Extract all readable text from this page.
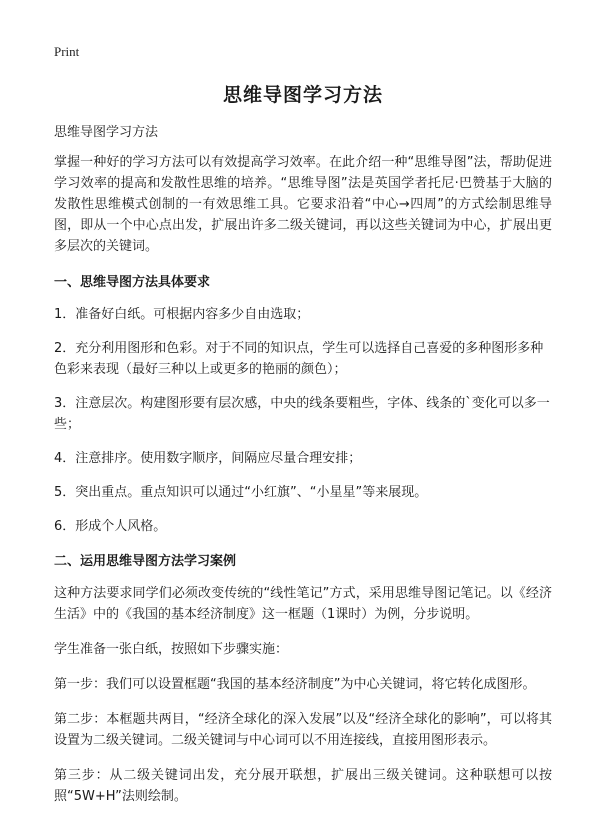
Print
思维导图学习方法
思维导图学习方法

掌握一种好的学习方法可以有效提高学习效率。在此介绍一种“思维导图”法，帮助促进学习效率的提高和发散性思维的培养。“思维导图”法是英国学者托尼·巴赞基于大脑的发散性思维模式创制的一有效思维工具。它要求沿着“中心→四周”的方式绘制思维导图，即从一个中心点出发，扩展出许多二级关键词，再以这些关键词为中心，扩展出更多层次的关键词。

一、思维导图方法具体要求
1．准备好白纸。可根据内容多少自由选取；
2．充分利用图形和色彩。对于不同的知识点，学生可以选择自己喜爱的多种图形多种色彩来表现（最好三种以上或更多的艳丽的颜色）；
3．注意层次。构建图形要有层次感，中央的线条要粗些，字体、线条的`变化可以多一些；
4．注意排序。使用数字顺序，间隔应尽量合理安排；
5．突出重点。重点知识可以通过“小红旗”、“小星星”等来展现。
6．形成个人风格。
二、运用思维导图方法学习案例

这种方法要求同学们必须改变传统的“线性笔记”方式，采用思维导图记笔记。以《经济生活》中的《我国的基本经济制度》这一框题（1课时）为例，分步说明。

学生准备一张白纸，按照如下步骤实施：

第一步：我们可以设置框题“我国的基本经济制度”为中心关键词，将它转化成图形。

第二步：本框题共两目，“经济全球化的深入发展”以及“经济全球化的影响”，可以将其设置为二级关键词。二级关键词与中心词可以不用连接线，直接用图形表示。

第三步：从二级关键词出发，充分展开联想，扩展出三级关键词。这种联想可以按照“5W+H”法则绘制。
